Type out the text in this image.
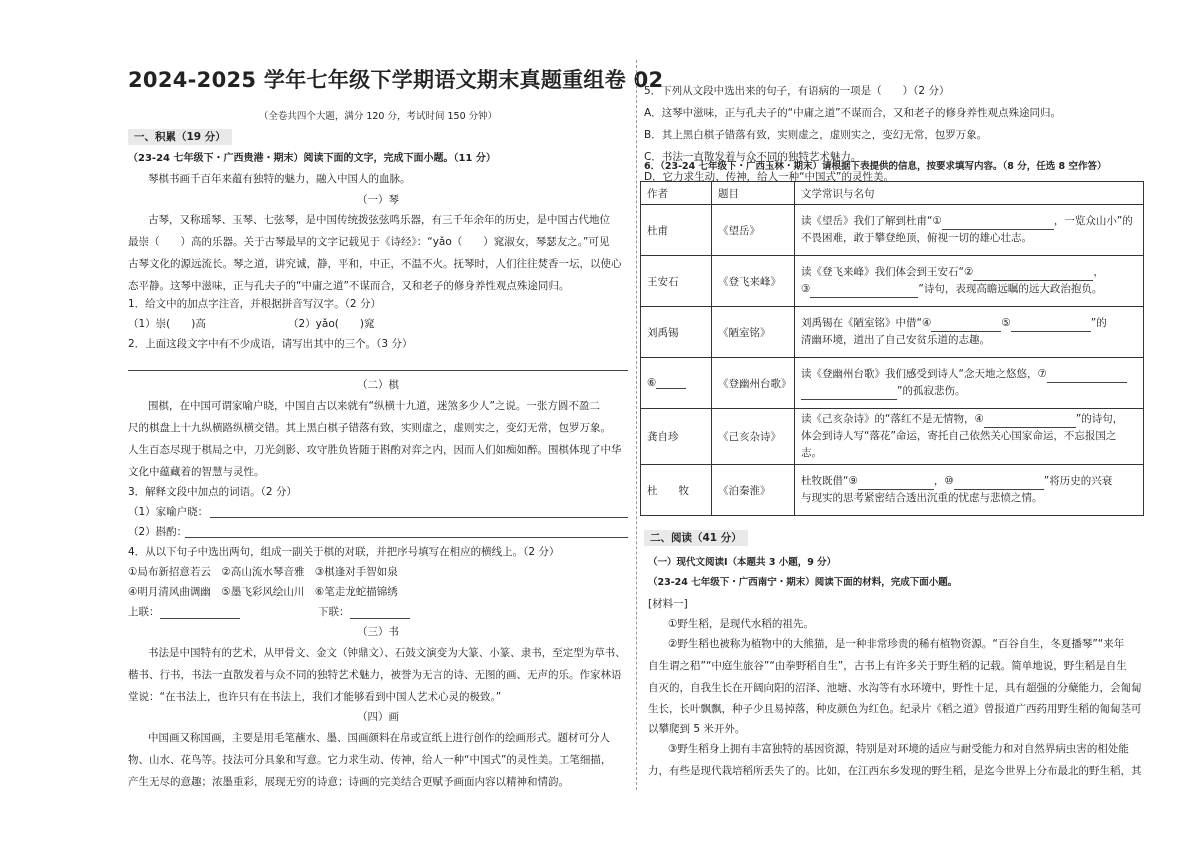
2024-2025 学年七年级下学期语文期末真题重组卷 02
（全卷共四个大题，满分 120 分，考试时间 150 分钟）
一、积累（19 分）
（23-24 七年级下・广西贵港・期末）阅读下面的文字，完成下面小题。（11 分）
琴棋书画千百年来蕴有独特的魅力，融入中国人的血脉。
（一）琴
古琴，又称瑶琴、玉琴、七弦琴，是中国传统拨弦弦鸣乐器，有三千年余年的历史，是中国古代地位
最崇（　　）高的乐器。关于古琴最早的文字记载见于《诗经》：“yǎo（　　）窕淑女，琴瑟友之。”可见
古琴文化的源远流长。琴之道，讲究诚，静，平和，中正，不温不火。抚琴时，人们往往焚香一坛，以使心
态平静。这琴中滋味，正与孔夫子的“中庸之道”不谋而合，又和老子的修身养性观点殊途同归。
1．给文中的加点字注音，并根据拼音写汉字。（2 分）
（1）崇(　　)高	（2）yǎo(　　)窕
2．上面这段文字中有不少成语，请写出其中的三个。（3 分）
（二）棋
围棋，在中国可谓家喻户晓，中国自古以来就有“纵横十九道，迷煞多少人”之说。一张方圆不盈二
尺的棋盘上十九纵横路纵横交错。其上黑白棋子错落有致，实则虚之，虚则实之，变幻无常，包罗万象。
人生百态尽现于棋局之中，刀光剑影、攻守胜负皆随于斟酌对弈之内，因而人们如痴如醉。围棋体现了中华
文化中蕴藏着的智慧与灵性。
3．解释文段中加点的词语。（2 分）
（1）家喻户晓：
（2）斟酌：
4．从以下句子中选出两句，组成一副关于棋的对联，并把序号填写在相应的横线上。（2 分）
①局布新招意若云　②高山流水琴音雅　③棋逢对手智如泉
④明月清风曲调幽　⑤墨飞彩风绘山川　⑥笔走龙蛇描锦绣
上联：	下联：
（三）书
书法是中国特有的艺术，从甲骨文、金文（钟鼎文）、石鼓文演变为大篆、小篆、隶书，至定型为草书、
楷书、行书，书法一直散发着与众不同的独特艺术魅力，被誉为无言的诗、无图的画、无声的乐。作家林语
堂说：“在书法上，也许只有在书法上，我们才能够看到中国人艺术心灵的极致。”
（四）画
中国画又称国画，主要是用毛笔蘸水、墨、国画颜料在帛或宣纸上进行创作的绘画形式。题材可分人
物、山水、花鸟等。技法可分具象和写意。它力求生动、传神，给人一种“中国式”的灵性美。工笔细描，
产生无尽的意趣；浓墨重彩，展现无穷的诗意；诗画的完美结合更赋予画面内容以精神和情韵。
5．下列从文段中选出来的句子，有语病的一项是（　　）（2 分）
A．这琴中滋味，正与孔夫子的“中庸之道”不谋而合，又和老子的修身养性观点殊途同归。
B．其上黑白棋子错落有致，实则虚之，虚则实之，变幻无常，包罗万象。
C．书法一直散发着与众不同的独特艺术魅力。
D．它力求生动、传神，给人一种“中国式”的灵性美。
6．（23-24 七年级下・广西玉林・期末）请根据下表提供的信息，按要求填写内容。（8 分，任选 8 空作答）
作者	题目	文学常识与名句
杜甫	《望岳》	读《望岳》我们了解到杜甫“① ，一览众山小”的
不畏困难，敢于攀登绝顶，俯视一切的雄心壮志。
王安石	《登飞来峰》	读《登飞来峰》我们体会到王安石“② ，
③ ”诗句，表现高瞻远瞩的远大政治抱负。
刘禹锡	《陋室铭》	刘禹锡在《陋室铭》中借“④ ⑤ ”的
清幽环境，道出了自己安贫乐道的志趣。
⑥	《登幽州台歌》	读《登幽州台歌》我们感受到诗人“念天地之悠悠，⑦
”的孤寂悲伤。
龚自珍	《己亥杂诗》	读《己亥杂诗》的“落红不是无情物，④ ”的诗句，
体会到诗人写“落花”命运，寄托自己依然关心国家命运，不忘报国之志。
杜　　牧	《泊秦淮》	杜牧既借“⑨ ，⑩ ”将历史的兴衰
与现实的思考紧密结合透出沉重的忧虑与悲愤之情。
二、阅读（41 分）
（一）现代文阅读Ⅰ（本题共 3 小题，9 分）
（23-24 七年级下・广西南宁・期末）阅读下面的材料，完成下面小题。
[材料一]
①野生稻，是现代水稻的祖先。
②野生稻也被称为植物中的大熊猫，是一种非常珍贵的稀有植物资源。“百谷自生，冬夏播琴”“来年
自生谓之稆”“中庭生旅谷”“由拳野稻自生”，古书上有许多关于野生稻的记载。简单地说，野生稻是自生
自灭的，自我生长在开阔向阳的沼泽、池塘、水沟等有水环境中，野性十足，具有超强的分蘖能力，会匍匐
生长，长叶飘飘，种子少且易掉落，种皮颜色为红色。纪录片《稻之道》曾报道广西药用野生稻的匍匐茎可
以攀爬到 5 米开外。
③野生稻身上拥有丰富独特的基因资源，特别是对环境的适应与耐受能力和对自然界病虫害的相处能
力，有些是现代栽培稻所丢失了的。比如，在江西东乡发现的野生稻，是迄今世界上分布最北的野生稻，其
